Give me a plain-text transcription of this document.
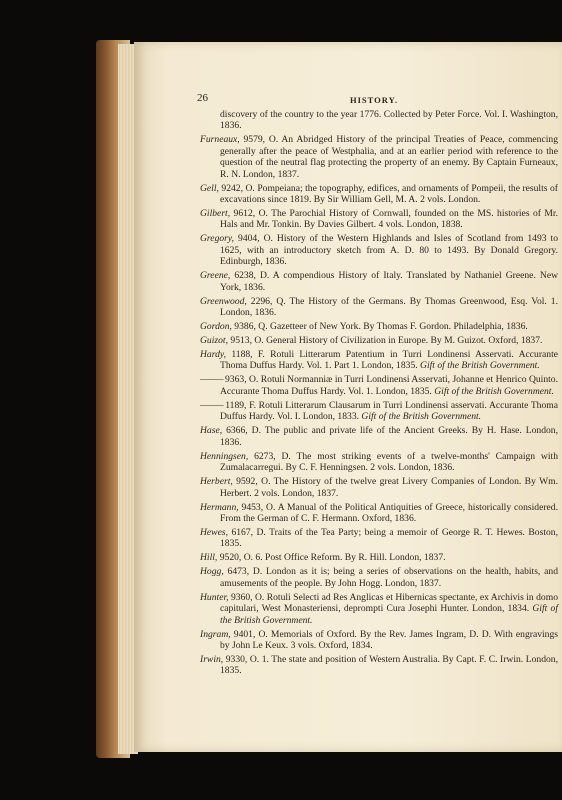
26	HISTORY.

discovery of the country to the year 1776. Collected by Peter Force. Vol. I. Washington, 1836.

Furneaux, 9579, O. An Abridged History of the principal Treaties of Peace, commencing generally after the peace of Westphalia, and at an earlier period with reference to the question of the neutral flag protecting the property of an enemy. By Captain Furneaux, R. N. London, 1837.

Gell, 9242, O. Pompeiana; the topography, edifices, and ornaments of Pompeii, the results of excavations since 1819. By Sir William Gell, M. A. 2 vols. London.

Gilbert, 9612, O. The Parochial History of Cornwall, founded on the MS. histories of Mr. Hals and Mr. Tonkin. By Davies Gilbert. 4 vols. London, 1838.

Gregory, 9404, O. History of the Western Highlands and Isles of Scotland from 1493 to 1625, with an introductory sketch from A. D. 80 to 1493. By Donald Gregory. Edinburgh, 1836.

Greene, 6238, D. A compendious History of Italy. Translated by Nathaniel Greene. New York, 1836.

Greenwood, 2296, Q. The History of the Germans. By Thomas Greenwood, Esq. Vol. 1. London, 1836.

Gordon, 9386, Q. Gazetteer of New York. By Thomas F. Gordon. Philadelphia, 1836.

Guizot, 9513, O. General History of Civilization in Europe. By M. Guizot. Oxford, 1837.

Hardy, 1188, F. Rotuli Litterarum Patentium in Turri Londinensi Asservati. Accurante Thoma Duffus Hardy. Vol. 1. Part 1. London, 1835. Gift of the British Government.

——— 9363, O. Rotuli Normanniæ in Turri Londinensi Asservati, Johanne et Henrico Quinto. Accurante Thoma Duffus Hardy. Vol. 1. London, 1835. Gift of the British Government.

——— 1189, F. Rotuli Litterarum Clausarum in Turri Londinensi asservati. Accurante Thoma Duffus Hardy. Vol. I. London, 1833. Gift of the British Government.

Hase, 6366, D. The public and private life of the Ancient Greeks. By H. Hase. London, 1836.

Henningsen, 6273, D. The most striking events of a twelve-months' Campaign with Zumalacarregui. By C. F. Henningsen. 2 vols. London, 1836.

Herbert, 9592, O. The History of the twelve great Livery Companies of London. By Wm. Herbert. 2 vols. London, 1837.

Hermann, 9453, O. A Manual of the Political Antiquities of Greece, historically considered. From the German of C. F. Hermann. Oxford, 1836.

Hewes, 6167, D. Traits of the Tea Party; being a memoir of George R. T. Hewes. Boston, 1835.

Hill, 9520, O. 6. Post Office Reform. By R. Hill. London, 1837.

Hogg, 6473, D. London as it is; being a series of observations on the health, habits, and amusements of the people. By John Hogg. London, 1837.

Hunter, 9360, O. Rotuli Selecti ad Res Anglicas et Hibernicas spectante, ex Archivis in domo capitulari, West Monasteriensi, deprompti Cura Josephi Hunter. London, 1834. Gift of the British Government.

Ingram, 9401, O. Memorials of Oxford. By the Rev. James Ingram, D. D. With engravings by John Le Keux. 3 vols. Oxford, 1834.

Irwin, 9330, O. 1. The state and position of Western Australia. By Capt. F. C. Irwin. London, 1835.
